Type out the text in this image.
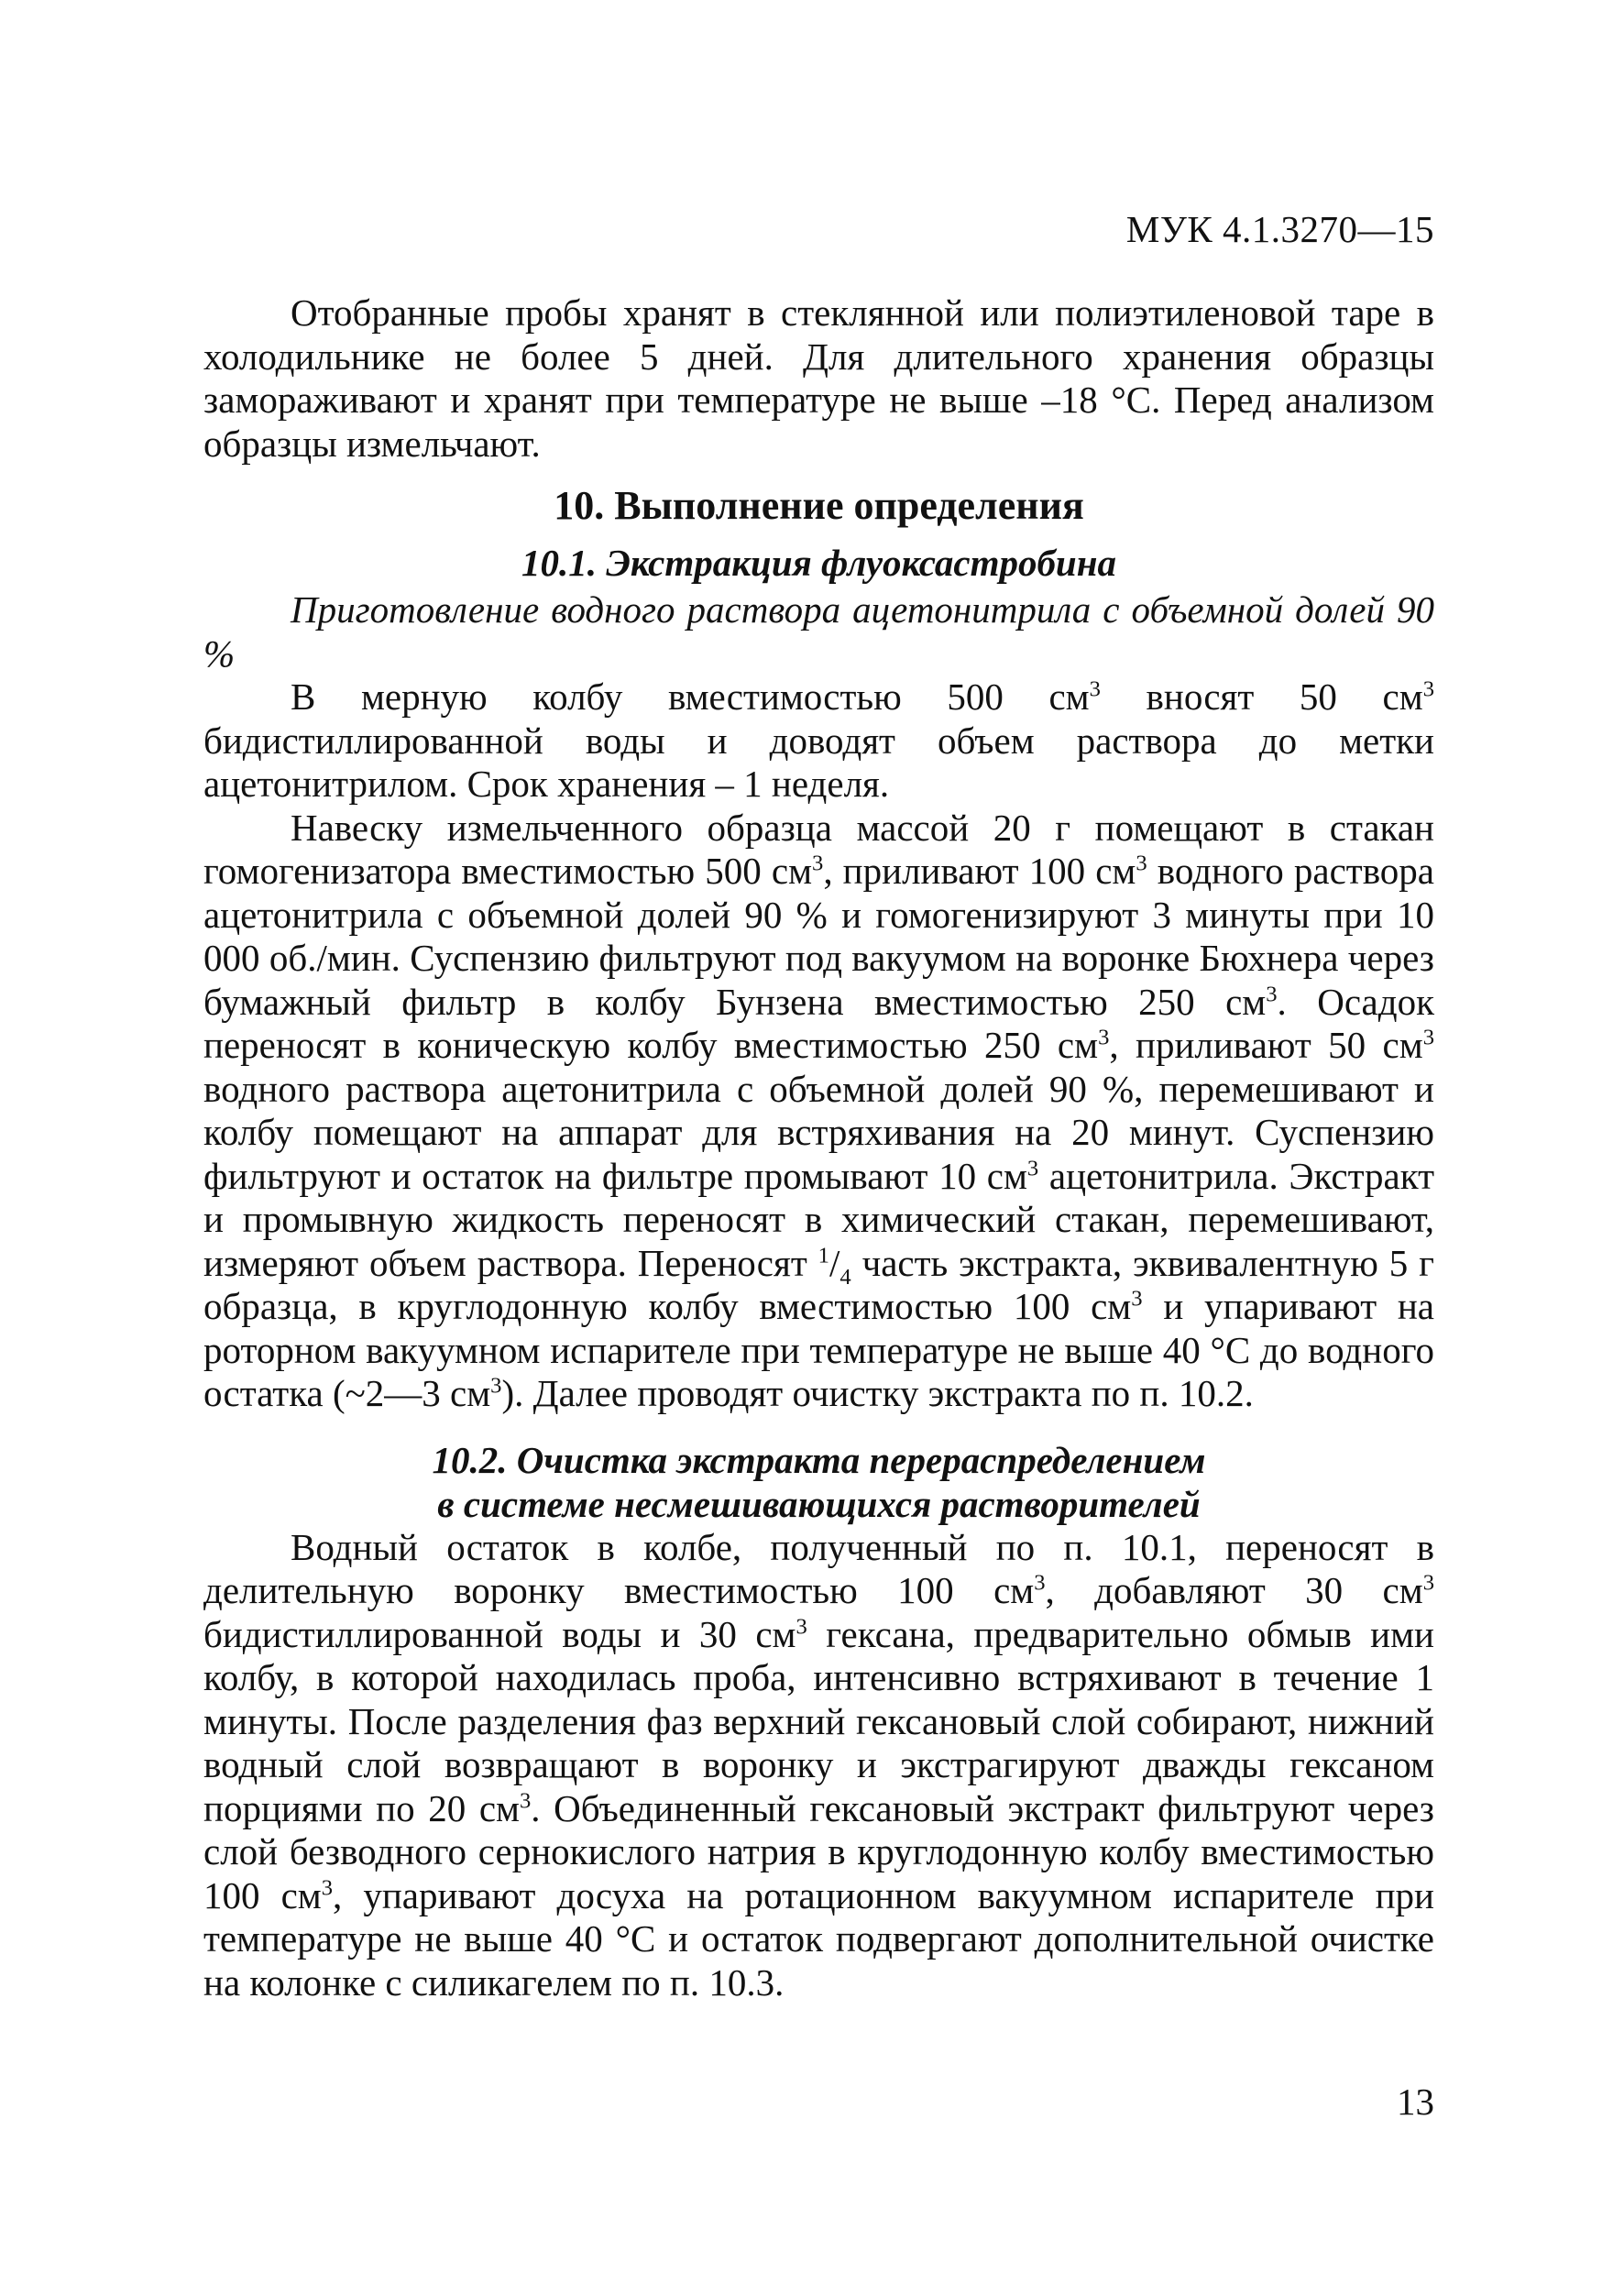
МУК 4.1.3270—15

Отобранные пробы хранят в стеклянной или полиэтиленовой таре в холодильнике не более 5 дней. Для длительного хранения образцы замораживают и хранят при температуре не выше –18 °C. Перед анализом образцы измельчают.

10. Выполнение определения
10.1. Экстракция флуоксастробина

Приготовление водного раствора ацетонитрила с объемной долей 90 %

В мерную колбу вместимостью 500 $см^3$ вносят 50 $см^3$ бидистиллированной воды и доводят объем раствора до метки ацетонитрилом. Срок хранения – 1 неделя.

Навеску измельченного образца массой 20 г помещают в стакан гомогенизатора вместимостью 500 $см^3$, приливают 100 $см^3$ водного раствора ацетонитрила с объемной долей 90 % и гомогенизируют 3 минуты при 10 000 об./мин. Суспензию фильтруют под вакуумом на воронке Бюхнера через бумажный фильтр в колбу Бунзена вместимостью 250 $см^3$. Осадок переносят в коническую колбу вместимостью 250 $см^3$, приливают 50 $см^3$ водного раствора ацетонитрила с объемной долей 90 %, перемешивают и колбу помещают на аппарат для встряхивания на 20 минут. Суспензию фильтруют и остаток на фильтре промывают 10 $см^3$ ацетонитрила. Экстракт и промывную жидкость переносят в химический стакан, перемешивают, измеряют объем раствора. Переносят $^1/_4$ часть экстракта, эквивалентную 5 г образца, в круглодонную колбу вместимостью 100 $см^3$ и упаривают на роторном вакуумном испарителе при температуре не выше 40 °C до водного остатка (~2—3 $см^3$). Далее проводят очистку экстракта по п. 10.2.

10.2. Очистка экстракта перераспределением
в системе несмешивающихся растворителей

Водный остаток в колбе, полученный по п. 10.1, переносят в делительную воронку вместимостью 100 $см^3$, добавляют 30 $см^3$ бидистиллированной воды и 30 $см^3$ гексана, предварительно обмыв ими колбу, в которой находилась проба, интенсивно встряхивают в течение 1 минуты. После разделения фаз верхний гексановый слой собирают, нижний водный слой возвращают в воронку и экстрагируют дважды гексаном порциями по 20 $см^3$. Объединенный гексановый экстракт фильтруют через слой безводного сернокислого натрия в круглодонную колбу вместимостью 100 $см^3$, упаривают досуха на ротационном вакуумном испарителе при температуре не выше 40 °C и остаток подвергают дополнительной очистке на колонке с силикагелем по п. 10.3.

13
